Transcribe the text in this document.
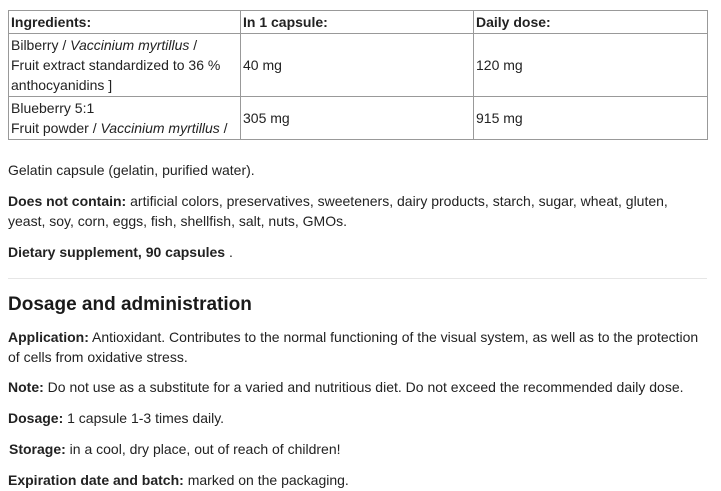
Ingredients:	In 1 capsule:	Daily dose:
Bilberry / Vaccinium myrtillus /
Fruit extract standardized to 36 %
anthocyanidins ]	40 mg	120 mg
Blueberry 5:1
Fruit powder / Vaccinium myrtillus /	305 mg	915 mg

Gelatin capsule (gelatin, purified water).

Does not contain: artificial colors, preservatives, sweeteners, dairy products, starch, sugar, wheat, gluten, yeast, soy, corn, eggs, fish, shellfish, salt, nuts, GMOs.

Dietary supplement, 90 capsules .

Dosage and administration

Application: Antioxidant. Contributes to the normal functioning of the visual system, as well as to the protection of cells from oxidative stress.

Note: Do not use as a substitute for a varied and nutritious diet. Do not exceed the recommended daily dose.

Dosage: 1 capsule 1-3 times daily.

Storage: in a cool, dry place, out of reach of children!

Expiration date and batch: marked on the packaging.
